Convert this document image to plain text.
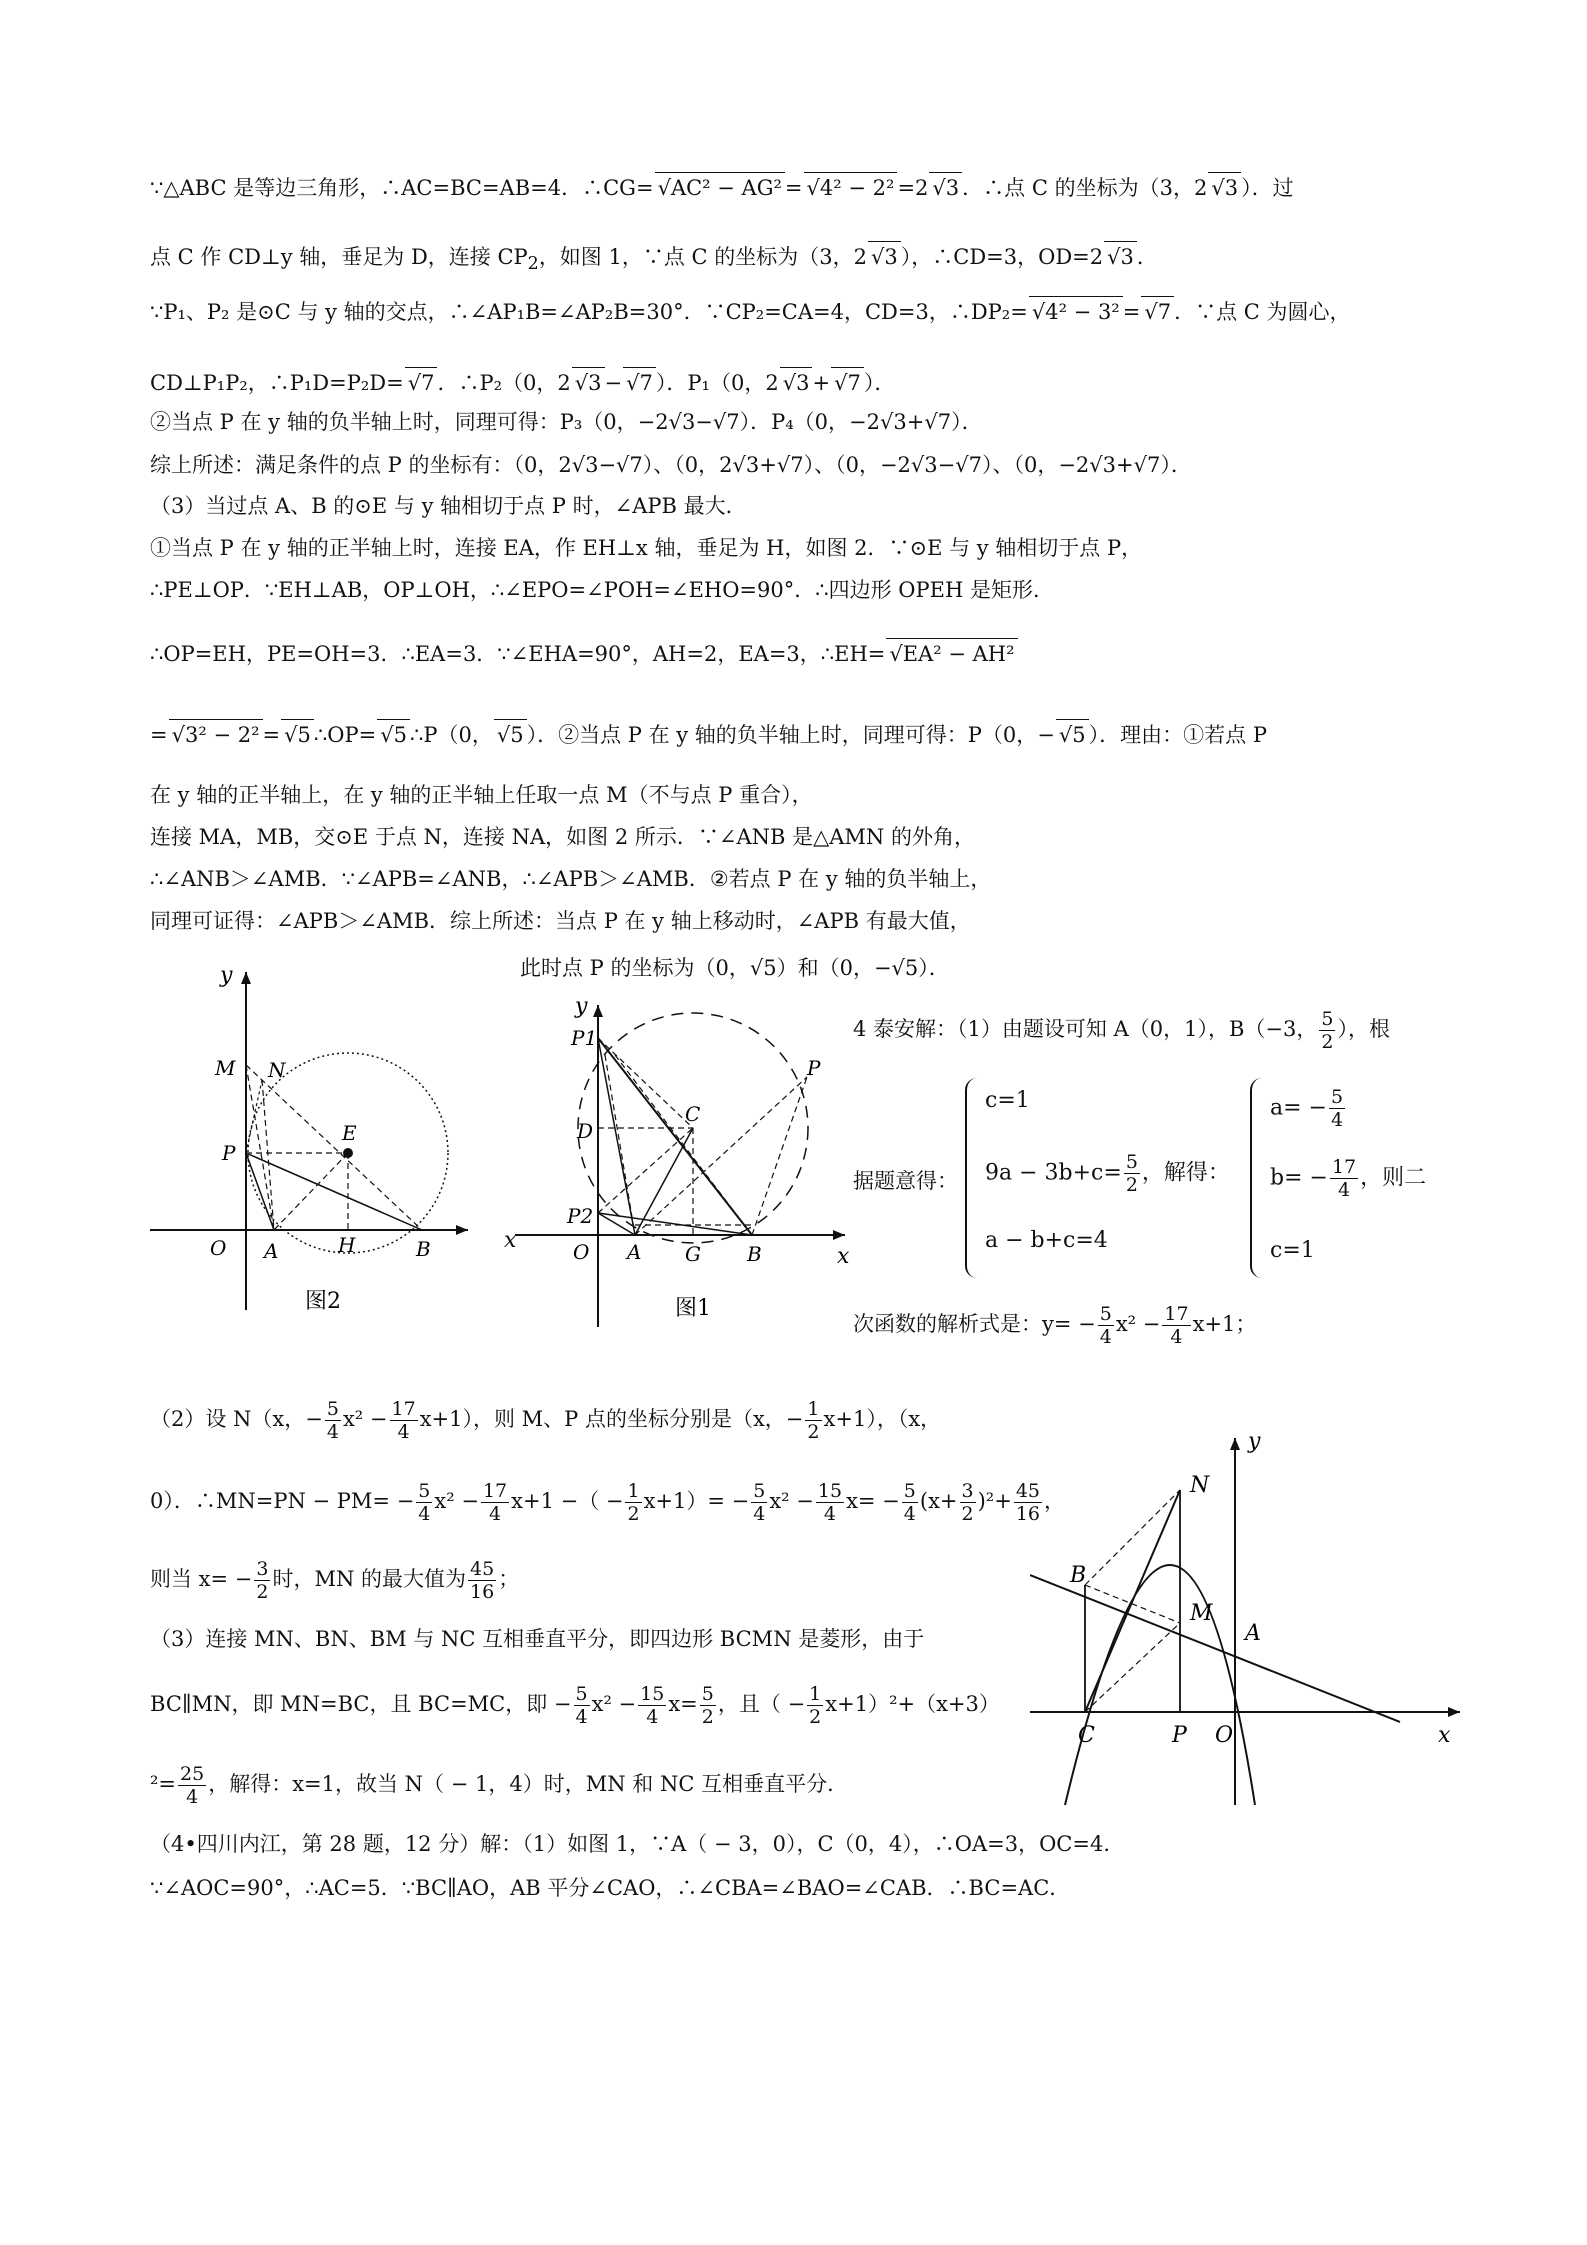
∵△ABC 是等边三角形，∴AC=BC=AB=4．∴CG= √ AC² − AG² = √ 4² − 2² =2 √ 3 ．∴点 C 的坐标为（3，2 √ 3 ）．过
点 C 作 CD⊥y 轴，垂足为 D，连接 $CP_2$，如图 1，∵点 C 的坐标为（3，2 √ 3 ），∴CD=3，OD=2 √ 3 ．
∵P₁、P₂ 是⊙C 与 y 轴的交点，∴∠AP₁B=∠AP₂B=30°．∵CP₂=CA=4，CD=3，∴DP₂= √ 4² − 3² = √ 7 ．∵点 C 为圆心，
CD⊥P₁P₂，∴P₁D=P₂D= √ 7 ．∴P₂（0，2 √ 3 − √ 7 ）．P₁（0，2 √ 3 + √ 7 ）．
②当点 P 在 y 轴的负半轴上时，同理可得：P₃（0，−2√3−√7）．P₄（0，−2√3+√7）．
综上所述：满足条件的点 P 的坐标有：（0，2√3−√7）、（0，2√3+√7）、（0，−2√3−√7）、（0，−2√3+√7）．
（3）当过点 A、B 的⊙E 与 y 轴相切于点 P 时，∠APB 最大．
①当点 P 在 y 轴的正半轴上时，连接 EA，作 EH⊥x 轴，垂足为 H，如图 2．∵⊙E 与 y 轴相切于点 P，
∴PE⊥OP．∵EH⊥AB，OP⊥OH，∴∠EPO=∠POH=∠EHO=90°．∴四边形 OPEH 是矩形．
∴OP=EH，PE=OH=3．∴EA=3．∵∠EHA=90°，AH=2，EA=3，∴EH= √ EA² − AH²
= √ 3² − 2² = √ 5 ∴OP= √ 5 ∴P（0， √ 5 ）．②当点 P 在 y 轴的负半轴上时，同理可得：P（0，− √ 5 ）．理由：①若点 P
在 y 轴的正半轴上，在 y 轴的正半轴上任取一点 M（不与点 P 重合），
连接 MA，MB，交⊙E 于点 N，连接 NA，如图 2 所示．∵∠ANB 是△AMN 的外角，
∴∠ANB＞∠AMB．∵∠APB=∠ANB，∴∠APB＞∠AMB．②若点 P 在 y 轴的负半轴上，
同理可证得：∠APB＞∠AMB．综上所述：当点 P 在 y 轴上移动时，∠APB 有最大值，
此时点 P 的坐标为（0，√5）和（0，−√5）．
y
M N
E
P
O A	H	B
图2
x
y
x
P1
P2
P
C
D
O A G B
图1
4 泰安解：（1）由题设可知 A（0，1），B（−3， $\frac{5}{2}$ ），根
据题意得：
c=1
$9a - 3b+c= \frac{5}{2}$ ，解得：
a − b+c=4
$a= - \frac{5}{4}$
$b= - \frac{17}{4}$ ，则二
c=1
次函数的解析式是：$y= - \frac{5}{4} x^2 - \frac{17}{4} x+1$；
（2）设 N（x，− $\frac{5}{4} x^2 - \frac{17}{4} x+1$），则 M、P 点的坐标分别是（x，− $\frac{1}{2} x+1$），（x，
0）．∴MN=PN − $PM= - \frac{5}{4} x^2 - \frac{17}{4} x+1$ −（ − $\frac{1}{2} x+1)= - \frac{5}{4} x^2 - \frac{15}{4} x= - \frac{5}{4} (x+ \frac{3}{2} )^2+ \frac{45}{16}$ ，
则当 $x= - \frac{3}{2}$ 时，MN 的最大值为 $\frac{45}{16}$ ；
（3）连接 MN、BN、BM 与 NC 互相垂直平分，即四边形 BCMN 是菱形，由于
BC∥MN，即 MN=BC，且 BC=MC，即 − $\frac{5}{4} x^2 - \frac{15}{4} x= \frac{5}{2}$ ，且（ − $\frac{1}{2} x+1)^2+(x+3)$
$^2= \frac{25}{4}$ ，解得：x=1，故当 N（ − 1，4）时，MN 和 NC 互相垂直平分．
（4•四川内江，第 28 题，12 分）解：（1）如图 1，∵A（ − 3，0），C（0，4），∴OA=3，OC=4．
∵∠AOC=90°，∴AC=5．∵BC∥AO，AB 平分∠CAO，∴∠CBA=∠BAO=∠CAB．∴BC=AC．
y
x
N
B
M
A
C	P O
